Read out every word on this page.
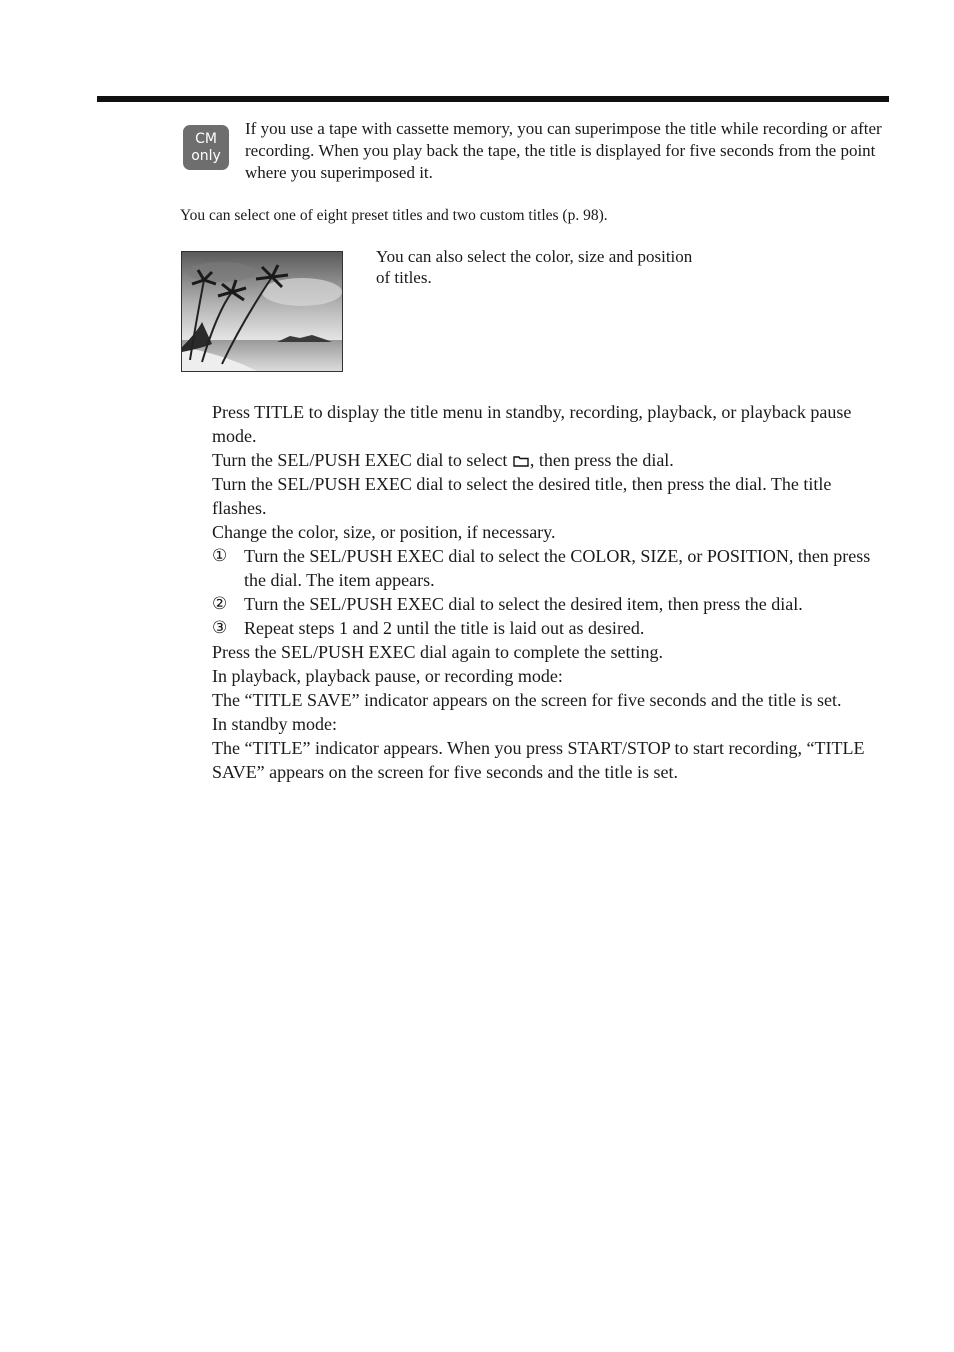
CM
only
If you use a tape with cassette memory, you can superimpose the title while recording or after recording. When you play back the tape, the title is displayed for five seconds from the point where you superimposed it.
You can select one of eight preset titles and two custom titles (p. 98).
You can also select the color, size and position of titles.

Press TITLE to display the title menu in standby, recording, playback, or playback pause mode.

Turn the SEL/PUSH EXEC dial to select , then press the dial.

Turn the SEL/PUSH EXEC dial to select the desired title, then press the dial. The title flashes.

Change the color, size, or position, if necessary.

① Turn the SEL/PUSH EXEC dial to select the COLOR, SIZE, or POSITION, then press the dial. The item appears.
② Turn the SEL/PUSH EXEC dial to select the desired item, then press the dial.
③ Repeat steps 1 and 2 until the title is laid out as desired.

Press the SEL/PUSH EXEC dial again to complete the setting.

In playback, playback pause, or recording mode:

The “TITLE SAVE” indicator appears on the screen for five seconds and the title is set.

In standby mode:

The “TITLE” indicator appears. When you press START/STOP to start recording, “TITLE SAVE” appears on the screen for five seconds and the title is set.
